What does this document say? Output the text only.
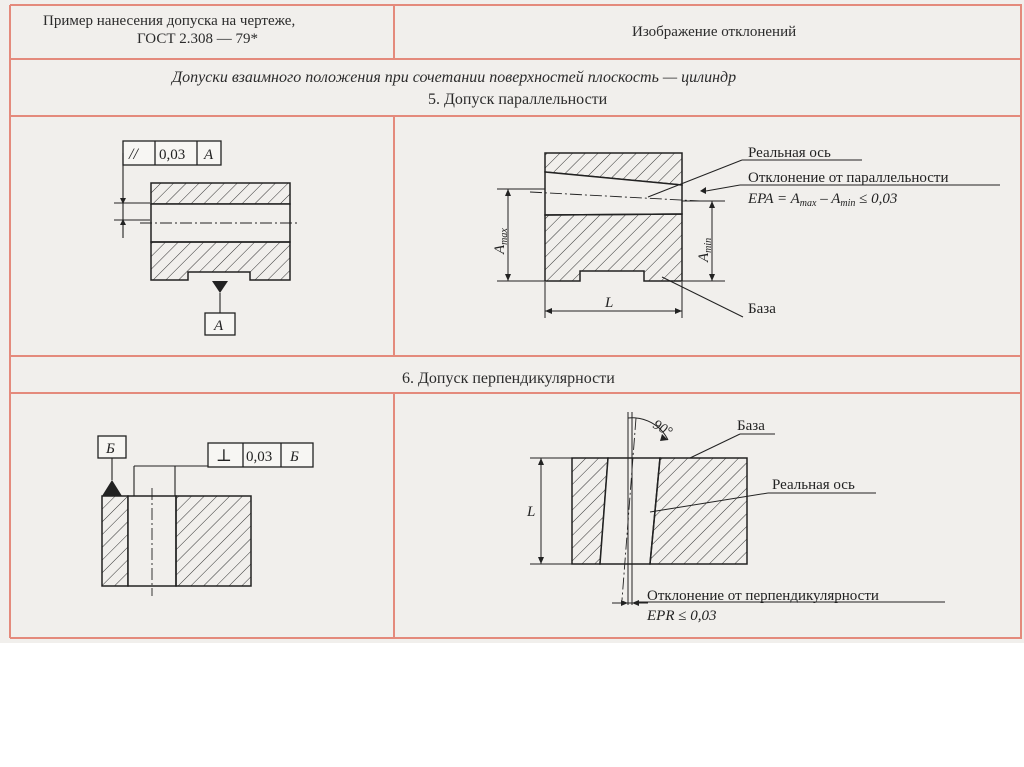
Пример нанесения допуска на чертеже,
ГОСТ 2.308 — 79*	Изображение отклонений
Допуски взаимного положения при сочетании поверхностей плоскость — цилиндр
5. Допуск параллельности
6. Допуск перпендикулярности
// 0,03 А
А
$A_{max}$
$A_{min}$
L
Реальная ось
Отклонение от параллельности
EPA = $A_{max} - A_{min} \le 0,03$
База
Б	⊥ 0,03 Б
L
90°	База
Реальная ось
Отклонение от перпендикулярности
EPR ≤ 0,03
